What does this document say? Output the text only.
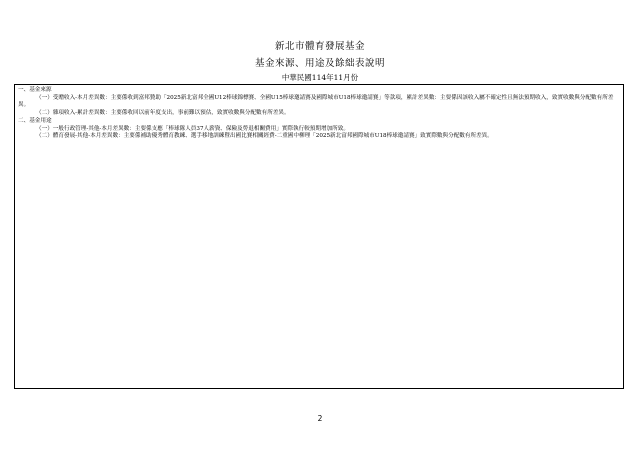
新北市體育發展基金
基金來源、用途及餘絀表說明
中華民國114年11月份
一、基金來源
（一）受贈收入-本月差異數：主要係收到富邦贊助「2025新北富邦全國U12棒球錦標賽、全國U15棒球邀請賽及國際城市U18棒球邀請賽」等款項，累計差異數：主要係因該收入屬不確定性且無法預期收入，致實收數與分配數有所差異。
（二）雜項收入-累計差異數：主要係收回以前年度支出，事前難以預估，致實收數與分配數有所差異。
二、基金用途
（一）一般行政管理-其他-本月差異數：主要係支應「棒球隊人員37人薪資、保險及勞退相關費用」實際執行較預期增加所致。
（二）體育發展-其他-本月差異數：主要係補助優秀體育教練、選手移地訓練暨出國比賽相關經費-二重國中柳理「2025新北富邦國際城市U18棒球邀請賽」致實際數與分配數有所差異。
2
